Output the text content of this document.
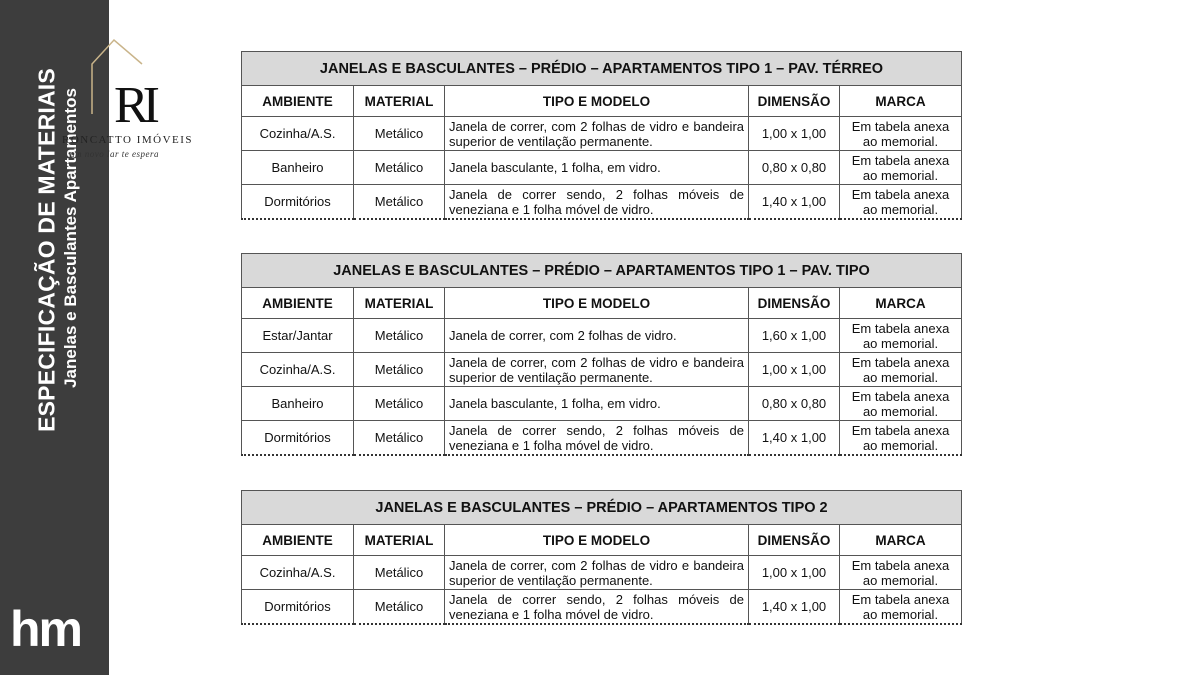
ESPECIFICAÇÃO DE MATERIAIS Janelas e Basculantes Apartamentos
hm
RI
RONCATTO IMÓVEIS
um novo lar te espera
JANELAS E BASCULANTES – PRÉDIO – APARTAMENTOS TIPO 1 – PAV. TÉRREO				
AMBIENTE	MATERIAL	TIPO E MODELO	DIMENSÃO	MARCA
Cozinha/A.S.	Metálico	Janela de correr, com 2 folhas de vidro e bandeira superior de ventilação permanente.	1,00 x 1,00	Em tabela anexa ao memorial.
Banheiro	Metálico	Janela basculante, 1 folha, em vidro.	0,80 x 0,80	Em tabela anexa ao memorial.
Dormitórios	Metálico	Janela de correr sendo, 2 folhas móveis de veneziana e 1 folha móvel de vidro.	1,40 x 1,00	Em tabela anexa ao memorial.
JANELAS E BASCULANTES – PRÉDIO – APARTAMENTOS TIPO 1 – PAV. TIPO				
AMBIENTE	MATERIAL	TIPO E MODELO	DIMENSÃO	MARCA
Estar/Jantar	Metálico	Janela de correr, com 2 folhas de vidro.	1,60 x 1,00	Em tabela anexa ao memorial.
Cozinha/A.S.	Metálico	Janela de correr, com 2 folhas de vidro e bandeira superior de ventilação permanente.	1,00 x 1,00	Em tabela anexa ao memorial.
Banheiro	Metálico	Janela basculante, 1 folha, em vidro.	0,80 x 0,80	Em tabela anexa ao memorial.
Dormitórios	Metálico	Janela de correr sendo, 2 folhas móveis de veneziana e 1 folha móvel de vidro.	1,40 x 1,00	Em tabela anexa ao memorial.
JANELAS E BASCULANTES – PRÉDIO – APARTAMENTOS TIPO 2				
AMBIENTE	MATERIAL	TIPO E MODELO	DIMENSÃO	MARCA
Cozinha/A.S.	Metálico	Janela de correr, com 2 folhas de vidro e bandeira superior de ventilação permanente.	1,00 x 1,00	Em tabela anexa ao memorial.
Dormitórios	Metálico	Janela de correr sendo, 2 folhas móveis de veneziana e 1 folha móvel de vidro.	1,40 x 1,00	Em tabela anexa ao memorial.
